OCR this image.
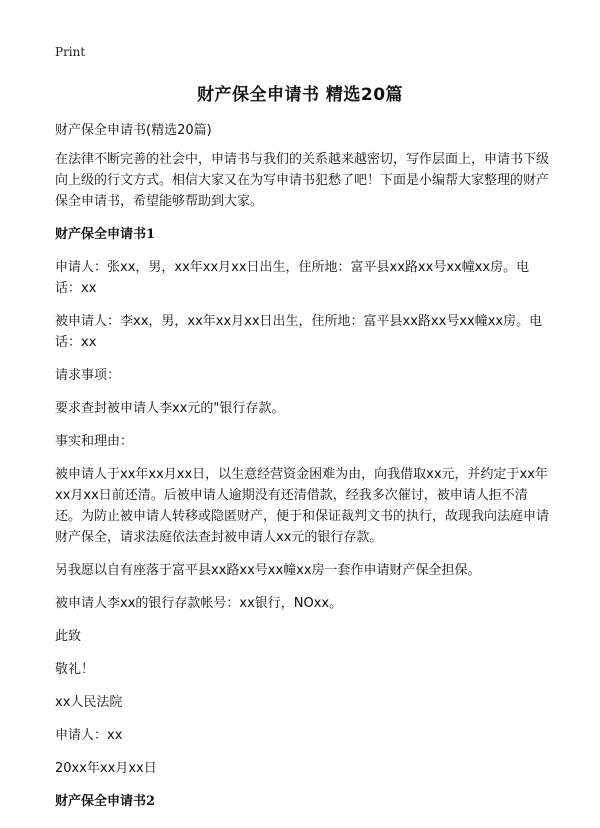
Print
财产保全申请书 精选20篇

财产保全申请书(精选20篇)

在法律不断完善的社会中，申请书与我们的关系越来越密切，写作层面上，申请书下级向上级的行文方式。相信大家又在为写申请书犯愁了吧！下面是小编帮大家整理的财产保全申请书，希望能够帮助到大家。

财产保全申请书1

申请人：张xx，男，xx年xx月xx日出生，住所地：富平县xx路xx号xx幢xx房。电话：xx

被申请人：李xx，男，xx年xx月xx日出生，住所地：富平县xx路xx号xx幢xx房。电话：xx

请求事项：

要求查封被申请人李xx元的"银行存款。

事实和理由：

被申请人于xx年xx月xx日，以生意经营资金困难为由，向我借取xx元，并约定于xx年xx月xx日前还清。后被申请人逾期没有还清借款，经我多次催讨，被申请人拒不清还。为防止被申请人转移或隐匿财产，便于和保证裁判文书的执行，故现我向法庭申请财产保全，请求法庭依法查封被申请人xx元的银行存款。

另我愿以自有座落于富平县xx路xx号xx幢xx房一套作申请财产保全担保。

被申请人李xx的银行存款帐号：xx银行，NOxx。

此致

敬礼！

xx人民法院

申请人：xx

20xx年xx月xx日

财产保全申请书2
